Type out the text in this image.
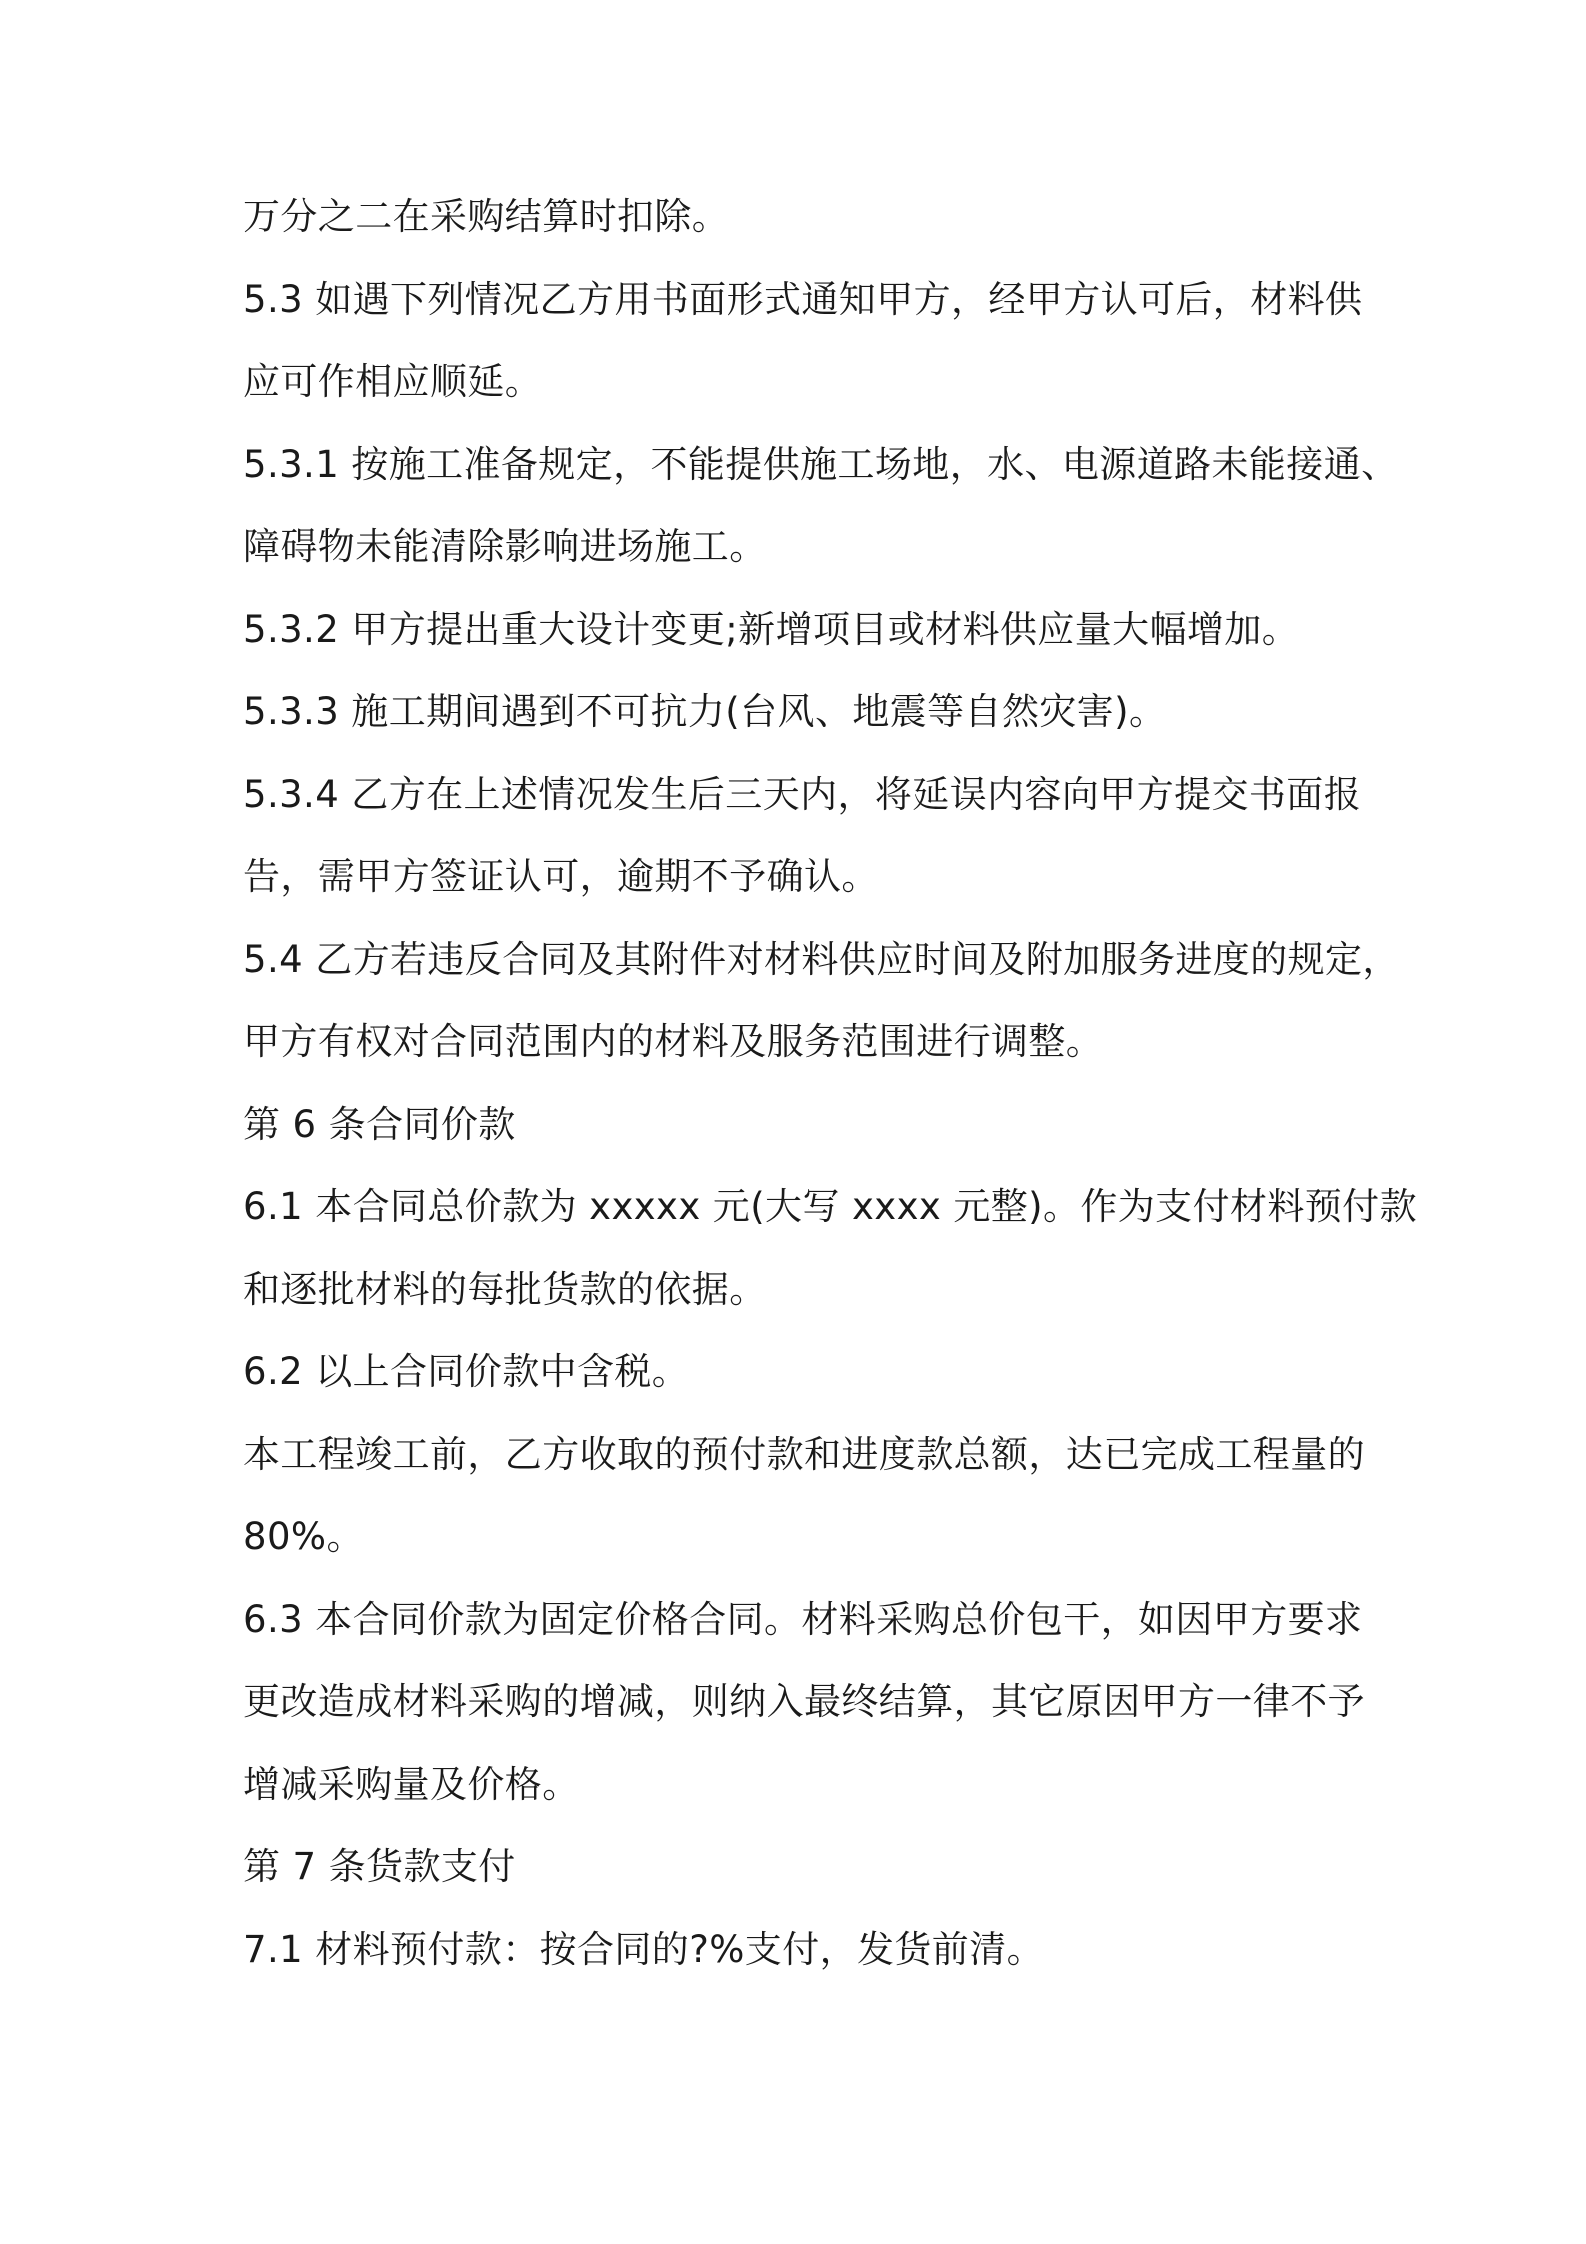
万分之二在采购结算时扣除。

5.3 如遇下列情况乙方用书面形式通知甲方，经甲方认可后，材料供

应可作相应顺延。

5.3.1 按施工准备规定，不能提供施工场地，水、电源道路未能接通、

障碍物未能清除影响进场施工。

5.3.2 甲方提出重大设计变更;新增项目或材料供应量大幅增加。

5.3.3 施工期间遇到不可抗力(台风、地震等自然灾害)。

5.3.4 乙方在上述情况发生后三天内，将延误内容向甲方提交书面报

告，需甲方签证认可，逾期不予确认。

5.4 乙方若违反合同及其附件对材料供应时间及附加服务进度的规定，

甲方有权对合同范围内的材料及服务范围进行调整。

第 6 条合同价款

6.1 本合同总价款为 xxxxx 元(大写 xxxx 元整)。作为支付材料预付款

和逐批材料的每批货款的依据。

6.2 以上合同价款中含税。

本工程竣工前，乙方收取的预付款和进度款总额，达已完成工程量的

80%。

6.3 本合同价款为固定价格合同。材料采购总价包干，如因甲方要求

更改造成材料采购的增减，则纳入最终结算，其它原因甲方一律不予

增减采购量及价格。

第 7 条货款支付

7.1 材料预付款：按合同的?%支付，发货前清。
